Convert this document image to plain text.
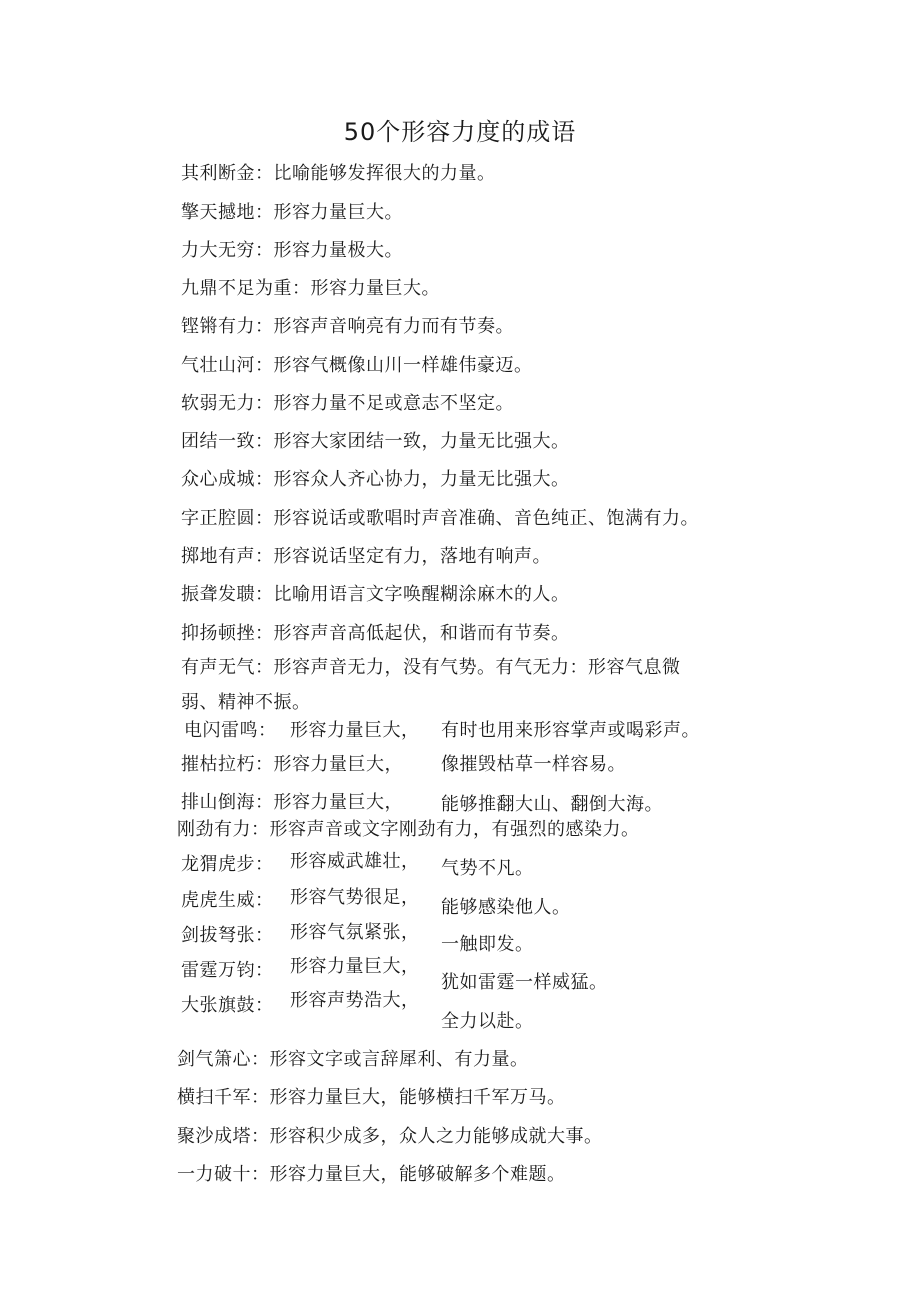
50个形容力度的成语
其利断金：比喻能够发挥很大的力量。
擎天撼地：形容力量巨大。
力大无穷：形容力量极大。
九鼎不足为重：形容力量巨大。
铿锵有力：形容声音响亮有力而有节奏。
气壮山河：形容气概像山川一样雄伟豪迈。
软弱无力：形容力量不足或意志不坚定。
团结一致：形容大家团结一致，力量无比强大。
众心成城：形容众人齐心协力，力量无比强大。
字正腔圆：形容说话或歌唱时声音准确、音色纯正、饱满有力。
掷地有声：形容说话坚定有力，落地有响声。
振聋发聩：比喻用语言文字唤醒糊涂麻木的人。
抑扬顿挫：形容声音高低起伏，和谐而有节奏。
有声无气：形容声音无力，没有气势。有气无力：形容气息微
弱、精神不振。
电闪雷鸣： 形容力量巨大， 有时也用来形容掌声或喝彩声。
摧枯拉朽：形容力量巨大， 像摧毁枯草一样容易。
排山倒海：形容力量巨大， 能够推翻大山、翻倒大海。
刚劲有力：形容声音或文字刚劲有力，有强烈的感染力。
龙猬虎步： 形容威武雄壮， 气势不凡。
虎虎生威： 形容气势很足， 能够感染他人。
剑拔弩张： 形容气氛紧张，
一触即发。
雷霆万钧： 形容力量巨大，
犹如雷霆一样威猛。
大张旗鼓： 形容声势浩大，
全力以赴。
剑气箫心：形容文字或言辞犀利、有力量。
横扫千军：形容力量巨大，能够横扫千军万马。
聚沙成塔：形容积少成多，众人之力能够成就大事。
一力破十：形容力量巨大，能够破解多个难题。
